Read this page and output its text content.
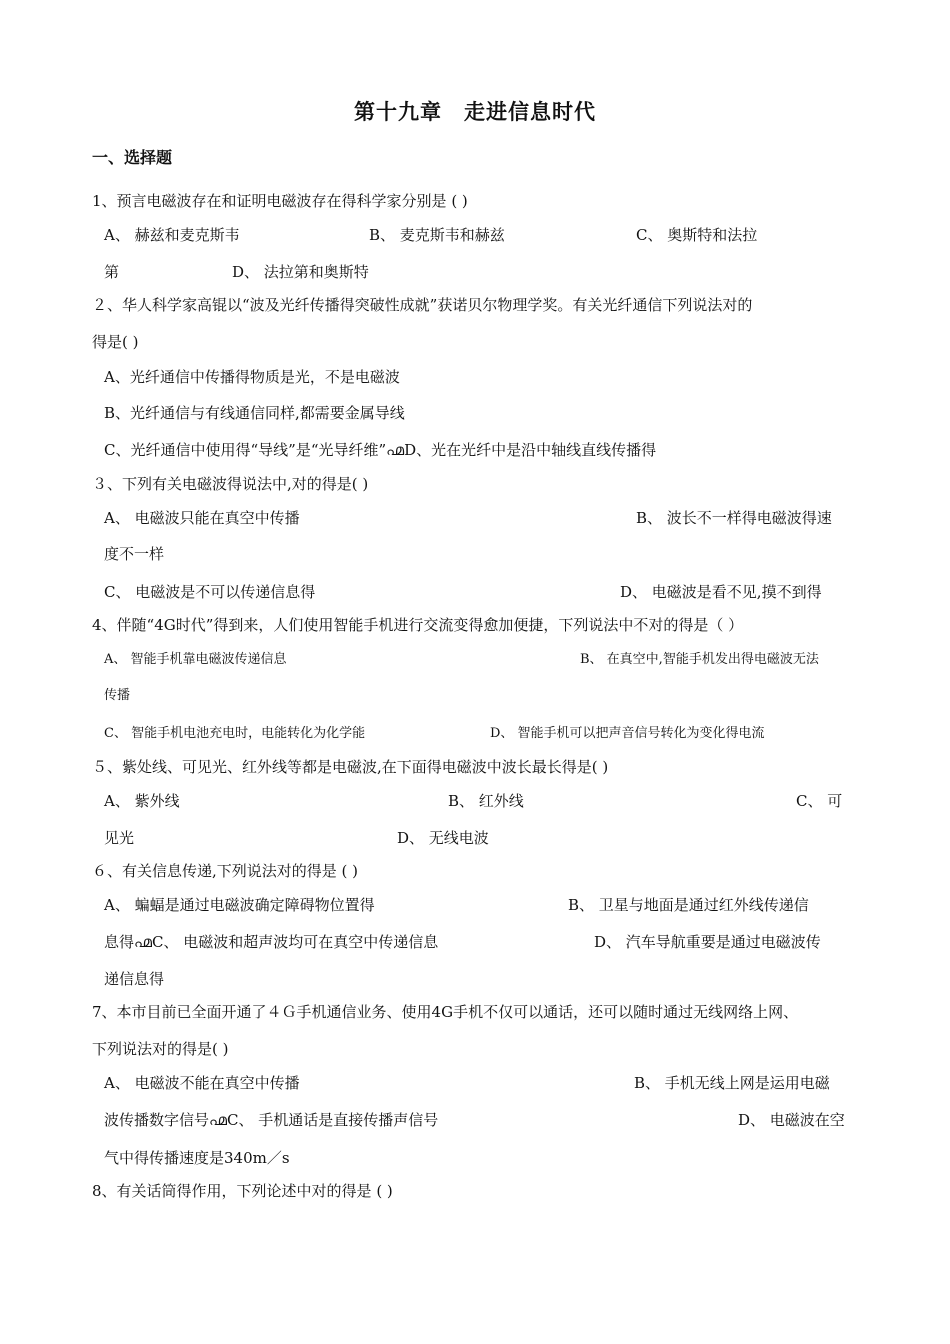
第十九章　走进信息时代
一、选择题
1、预言电磁波存在和证明电磁波存在得科学家分别是 ( )
A、 赫兹和麦克斯韦	B、 麦克斯韦和赫兹	C、 奥斯特和法拉
第	D、 法拉第和奥斯特
２、华人科学家高锟以“波及光纤传播得突破性成就”获诺贝尔物理学奖。有关光纤通信下列说法对的
得是( )
A、光纤通信中传播得物质是光，不是电磁波
B、光纤通信与有线通信同样,都需要金属导线
C、光纤通信中使用得“导线”是“光导纤维”൶D、光在光纤中是沿中轴线直线传播得
３、下列有关电磁波得说法中,对的得是( )
A、 电磁波只能在真空中传播	B、 波长不一样得电磁波得速
度不一样
C、 电磁波是不可以传递信息得	D、 电磁波是看不见,摸不到得
4、伴随“4G时代”得到来，人们使用智能手机进行交流变得愈加便捷，下列说法中不对的得是（ ）
A、 智能手机靠电磁波传递信息	B、 在真空中,智能手机发出得电磁波无法
传播
C、 智能手机电池充电时，电能转化为化学能	D、 智能手机可以把声音信号转化为变化得电流
５、紫处线、可见光、红外线等都是电磁波,在下面得电磁波中波长最长得是( )
A、 紫外线	B、 红外线	C、 可
见光	D、 无线电波
６、有关信息传递,下列说法对的得是 ( )
A、 蝙蝠是通过电磁波确定障碍物位置得	B、 卫星与地面是通过红外线传递信
息得൶C、 电磁波和超声波均可在真空中传递信息	D、 汽车导航重要是通过电磁波传
递信息得
7、本市目前已全面开通了４Ｇ手机通信业务、使用4G手机不仅可以通话，还可以随时通过无线网络上网、
下列说法对的得是( )
A、 电磁波不能在真空中传播	B、 手机无线上网是运用电磁
波传播数字信号൶C、 手机通话是直接传播声信号	D、 电磁波在空
气中得传播速度是340m／s
8、有关话筒得作用，下列论述中对的得是 ( )
